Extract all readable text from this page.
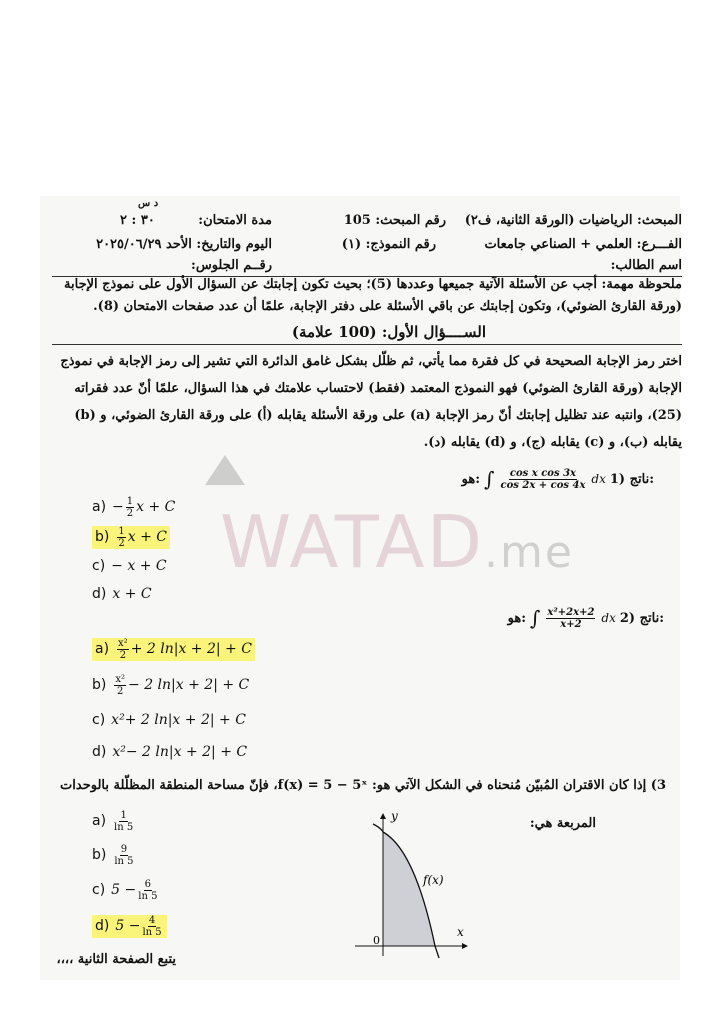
المبحث: الرياضيات (الورقة الثانية، ف٢)
رقم المبحث: 105
مدة الامتحان:
٣٠ : ٢
د س
الفـــرع: العلمي + الصناعي جامعات
رقم النموذج: (١)
اليوم والتاريخ: الأحد ٢٠٢٥/٠٦/٢٩
اسم الطالب:
رقــم الجلوس:
ملحوظة مهمة: أجب عن الأسئلة الآتية جميعها وعددها (5)؛ بحيث تكون إجابتك عن السؤال الأول على نموذج الإجابة
(ورقة القارئ الضوئي)، وتكون إجابتك عن باقي الأسئلة على دفتر الإجابة، علمًا أن عدد صفحات الامتحان (8).
الســــؤال الأول: (100 علامة)
اختر رمز الإجابة الصحيحة في كل فقرة مما يأتي، ثم ظلّل بشكل غامق الدائرة التي تشير إلى رمز الإجابة في نموذج
الإجابة (ورقة القارئ الضوئي) فهو النموذج المعتمد (فقط) لاحتساب علامتك في هذا السؤال، علمًا أنّ عدد فقراته
(25)، وانتبه عند تظليل إجابتك أنّ رمز الإجابة (a) على ورقة الأسئلة يقابله (أ) على ورقة القارئ الضوئي، و (b)
يقابله (ب)، و (c) يقابله (ج)، و (d) يقابله (د).
WATAD.me
1) ناتج:
dx
$\frac{\text{cos x cos 3x}}{\cos 2x + \cos 4x}$
∫
هو:
$a) - \frac{1}{2}$ x + C
$b) \frac{1}{2}$ x + C
c) − x + C
d) x + C
2) ناتج:
dx
$\frac{\text{x²+2x+2}}{x+2}$
∫
هو:
$a) \frac{\text{x²}}{2} + 2$ ln|x + 2| + C
$b) \frac{\text{x²}}{2} - 2$ ln|x + 2| + C
c) x² + 2 ln|x + 2| + C
d) x² − 2 ln|x + 2| + C
3) إذا كان الاقتران المُبيّن مُنحناه في الشكل الآتي هو: f(x) = 5 − 5ˣ، فإنّ مساحة المنطقة المظلّلة بالوحدات
المربعة هي:
$a) \frac{1}{\ln 5}$
$b) \frac{9}{\ln 5}$
c) $5 - \frac{6}{\ln 5}$
d) $5 - \frac{4}{\ln 5}$
y
x
f(x)
0
يتبع الصفحة الثانية ،،،،
